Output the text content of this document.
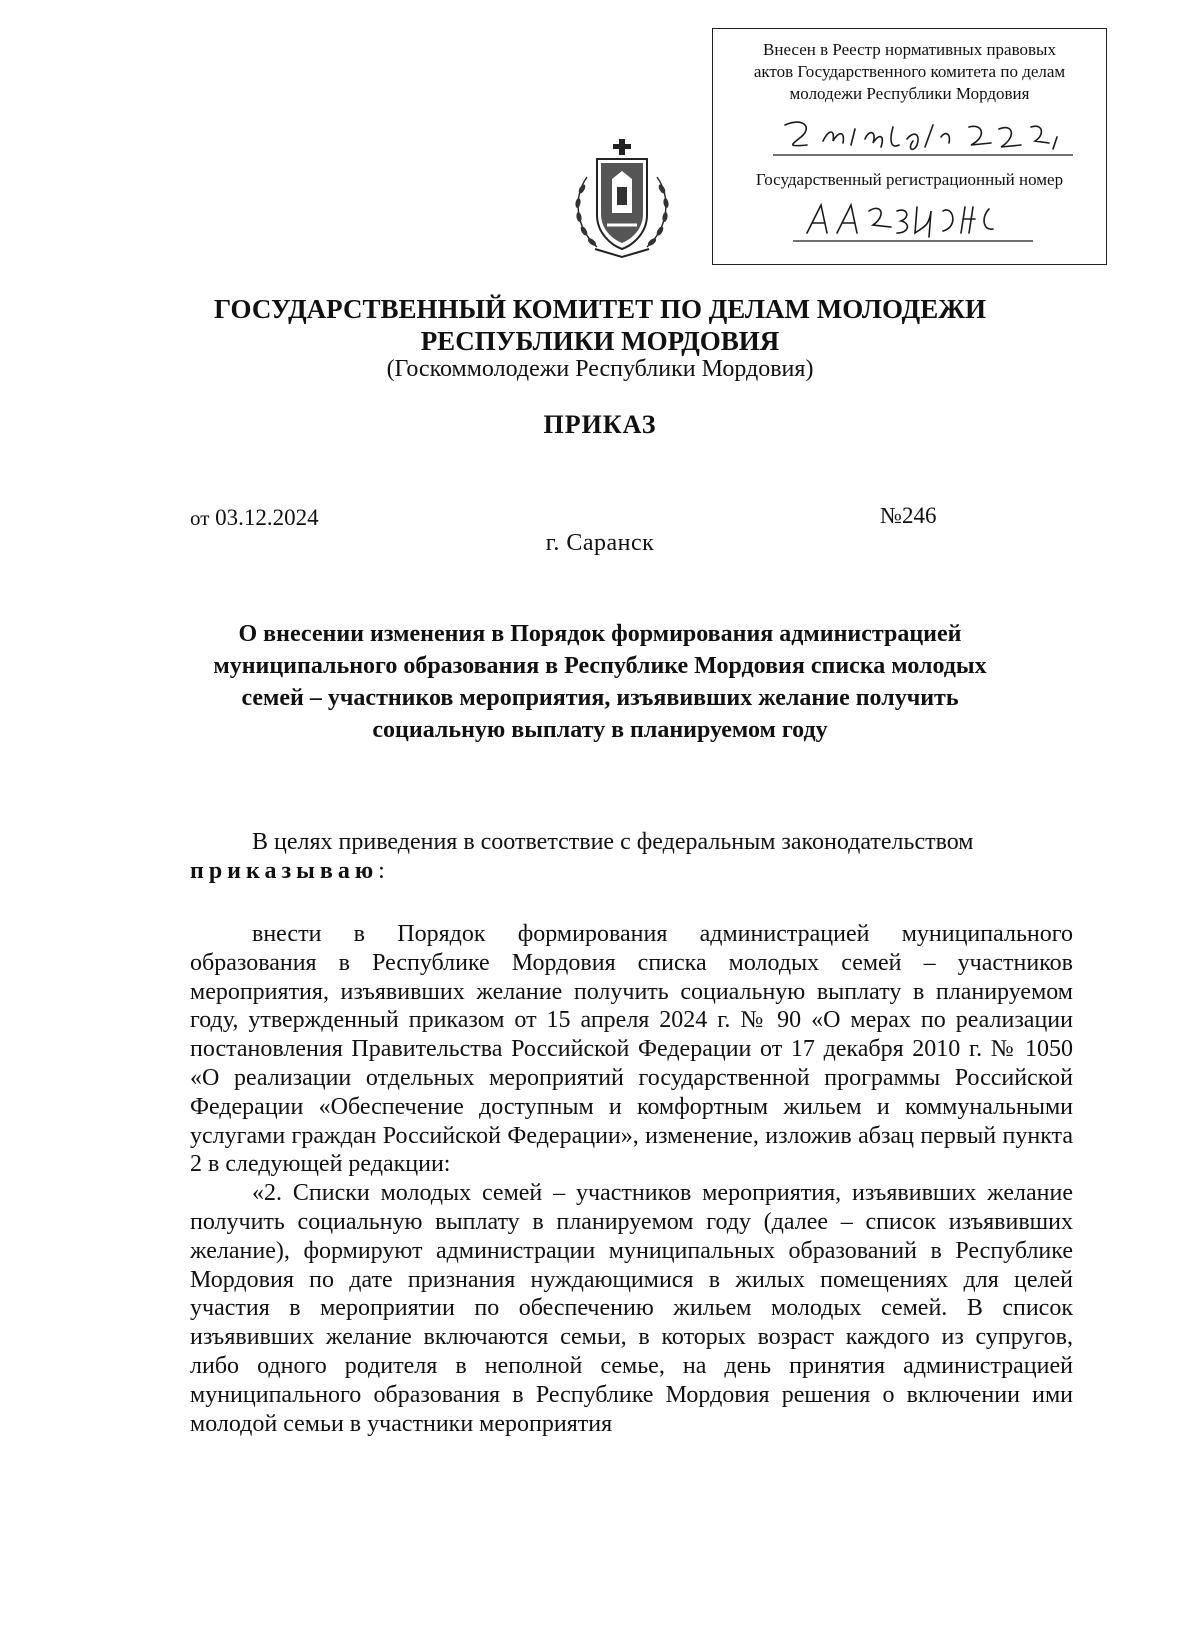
Внесен в Реестр нормативных правовых
актов Государственного комитета по делам
молодежи Республики Мордовия
Государственный регистрационный номер
ГОСУДАРСТВЕННЫЙ КОМИТЕТ ПО ДЕЛАМ МОЛОДЕЖИ
РЕСПУБЛИКИ МОРДОВИЯ
(Госкоммолодежи Республики Мордовия)
ПРИКАЗ
от 03.12.2024	№246
г. Саранск
О внесении изменения в Порядок формирования администрацией
муниципального образования в Республике Мордовия списка молодых
семей – участников мероприятия, изъявивших желание получить
социальную выплату в планируемом году

В целях приведения в соответствие с федеральным законодательством

приказываю:

внести в Порядок формирования администрацией муниципального образования в Республике Мордовия списка молодых семей – участников мероприятия, изъявивших желание получить социальную выплату в планируемом году, утвержденный приказом от 15 апреля 2024 г. № 90 «О мерах по реализации постановления Правительства Российской Федерации от 17 декабря 2010 г. № 1050 «О реализации отдельных мероприятий государственной программы Российской Федерации «Обеспечение доступным и комфортным жильем и коммунальными услугами граждан Российской Федерации», изменение, изложив абзац первый пункта 2 в следующей редакции:

«2. Списки молодых семей – участников мероприятия, изъявивших желание получить социальную выплату в планируемом году (далее – список изъявивших желание), формируют администрации муниципальных образований в Республике Мордовия по дате признания нуждающимися в жилых помещениях для целей участия в мероприятии по обеспечению жильем молодых семей. В список изъявивших желание включаются семьи, в которых возраст каждого из супругов, либо одного родителя в неполной семье, на день принятия администрацией муниципального образования в Республике Мордовия решения о включении ими молодой семьи в участники мероприятия
